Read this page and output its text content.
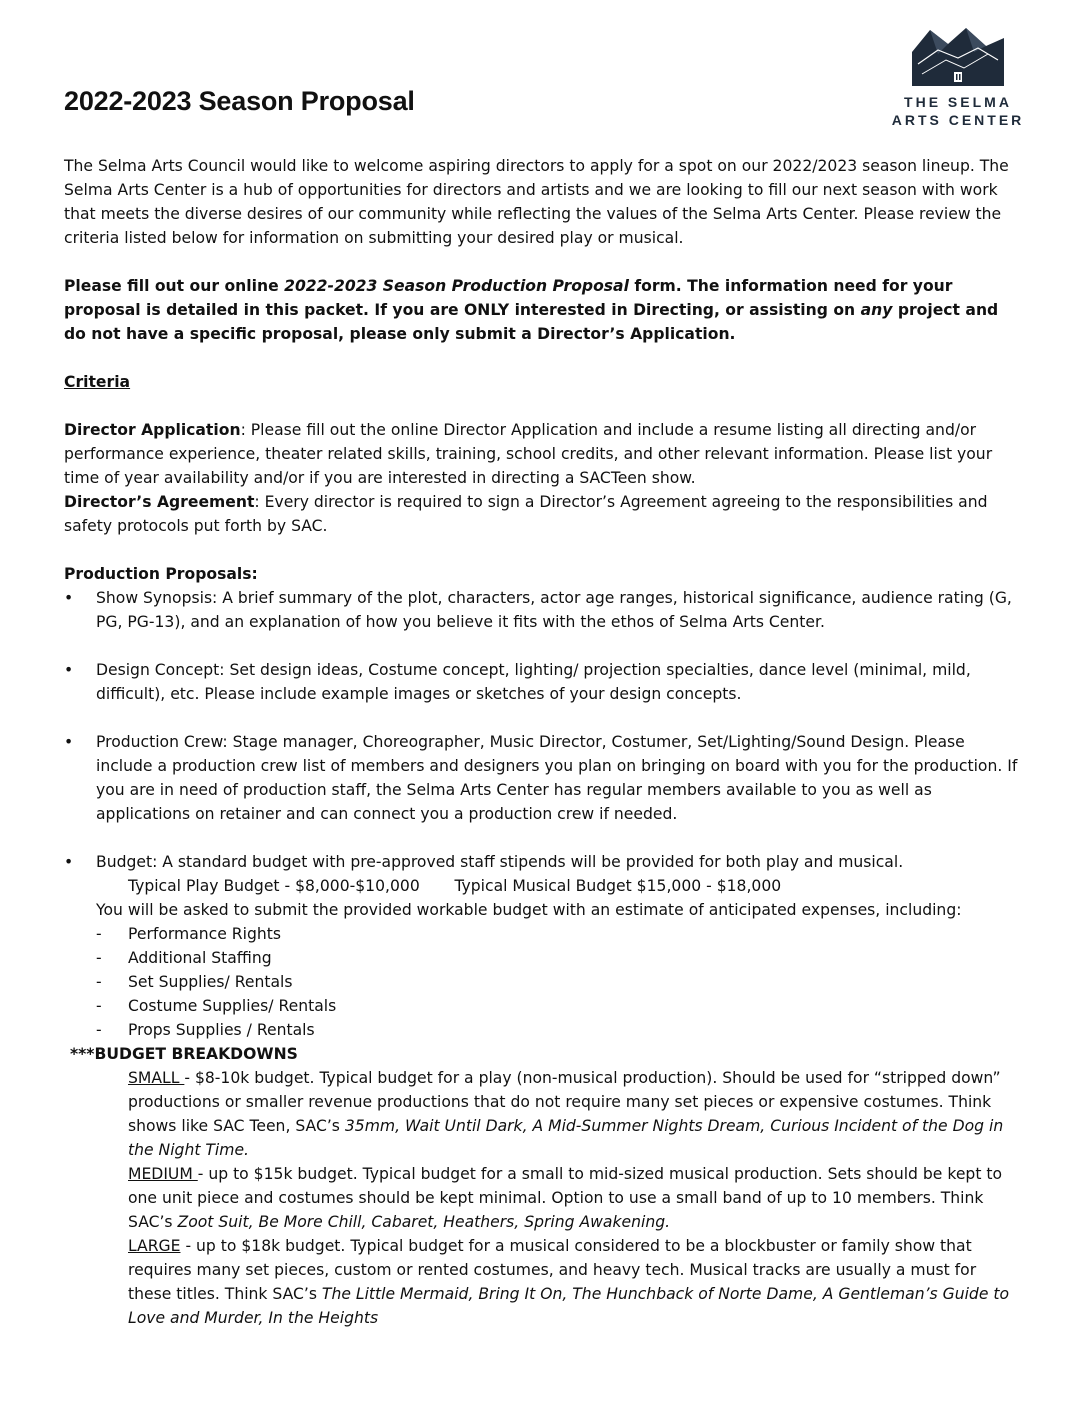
2022-2023 Season Proposal	THE SELMA
ARTS CENTER

The Selma Arts Council would like to welcome aspiring directors to apply for a spot on our 2022/2023 season lineup. The Selma Arts Center is a hub of opportunities for directors and artists and we are looking to fill our next season with work that meets the diverse desires of our community while reflecting the values of the Selma Arts Center. Please review the criteria listed below for information on submitting your desired play or musical.

Please fill out our online 2022-2023 Season Production Proposal form. The information need for your proposal is detailed in this packet. If you are ONLY interested in Directing, or assisting on any project and do not have a specific proposal, please only submit a Director’s Application.

Criteria

Director Application: Please fill out the online Director Application and include a resume listing all directing and/or performance experience, theater related skills, training, school credits, and other relevant information. Please list your time of year availability and/or if you are interested in directing a SACTeen show.

Director’s Agreement: Every director is required to sign a Director’s Agreement agreeing to the responsibilities and safety protocols put forth by SAC.

Production Proposals:

• Show Synopsis: A brief summary of the plot, characters, actor age ranges, historical significance, audience rating (G, PG, PG-13), and an explanation of how you believe it fits with the ethos of Selma Arts Center.
• Design Concept: Set design ideas, Costume concept, lighting/ projection specialties, dance level (minimal, mild, difficult), etc. Please include example images or sketches of your design concepts.
• Production Crew: Stage manager, Choreographer, Music Director, Costumer, Set/Lighting/Sound Design. Please include a production crew list of members and designers you plan on bringing on board with you for the production. If you are in need of production staff, the Selma Arts Center has regular members available to you as well as applications on retainer and can connect you a production crew if needed.
• Budget: A standard budget with pre-approved staff stipends will be provided for both play and musical.

Typical Play Budget - $8,000-$10,000       Typical Musical Budget $15,000 - $18,000

You will be asked to submit the provided workable budget with an estimate of anticipated expenses, including:

- Performance Rights
- Additional Staffing
- Set Supplies/ Rentals
- Costume Supplies/ Rentals
- Props Supplies / Rentals

***BUDGET BREAKDOWNS

SMALL - $8-10k budget. Typical budget for a play (non-musical production). Should be used for “stripped down” productions or smaller revenue productions that do not require many set pieces or expensive costumes. Think shows like SAC Teen, SAC’s 35mm, Wait Until Dark, A Mid-Summer Nights Dream, Curious Incident of the Dog in the Night Time.

MEDIUM - up to $15k budget. Typical budget for a small to mid-sized musical production. Sets should be kept to one unit piece and costumes should be kept minimal. Option to use a small band of up to 10 members. Think SAC’s Zoot Suit, Be More Chill, Cabaret, Heathers, Spring Awakening.

LARGE - up to $18k budget. Typical budget for a musical considered to be a blockbuster or family show that requires many set pieces, custom or rented costumes, and heavy tech. Musical tracks are usually a must for these titles. Think SAC’s The Little Mermaid, Bring It On, The Hunchback of Norte Dame, A Gentleman’s Guide to Love and Murder, In the Heights
